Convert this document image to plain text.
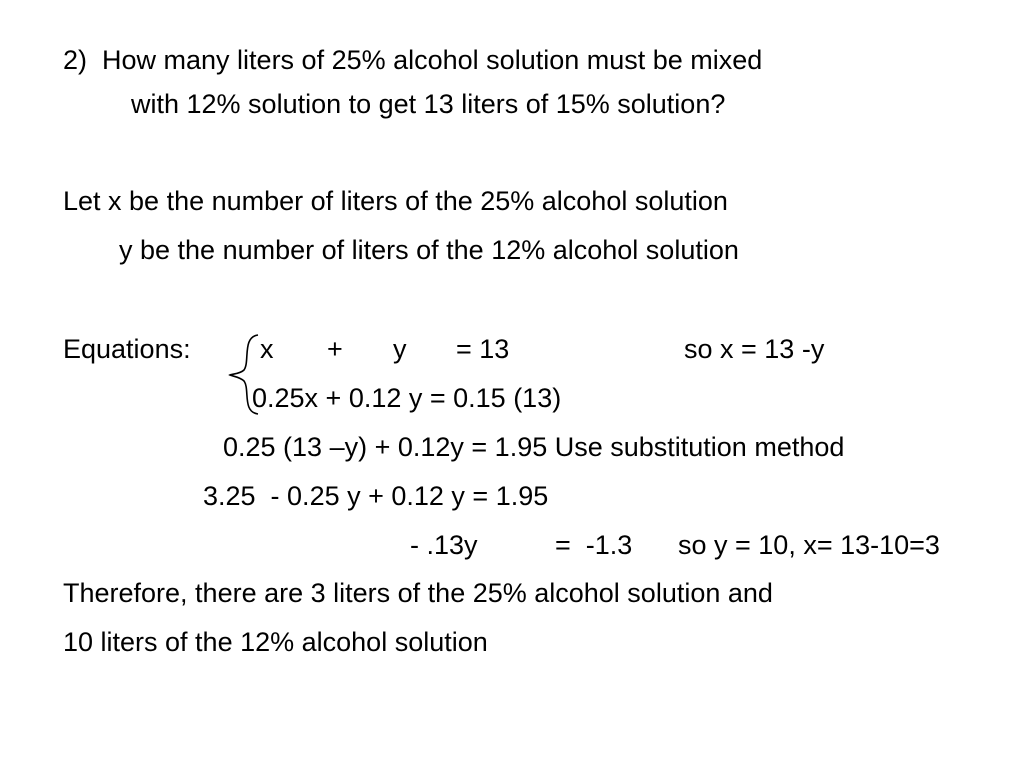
2)  How many liters of 25% alcohol solution must be mixed
with 12% solution to get 13 liters of 15% solution?
Let x be the number of liters of the 25% alcohol solution
y be the number of liters of the 12% alcohol solution
Equations:	x + y = 13	so x = 13 -y
0.25x + 0.12 y = 0.15 (13)
0.25 (13 –y) + 0.12y = 1.95 Use substitution method
3.25  - 0.25 y + 0.12 y = 1.95
- .13y	=  -1.3 so y = 10, x= 13-10=3
Therefore, there are 3 liters of the 25% alcohol solution and
10 liters of the 12% alcohol solution
